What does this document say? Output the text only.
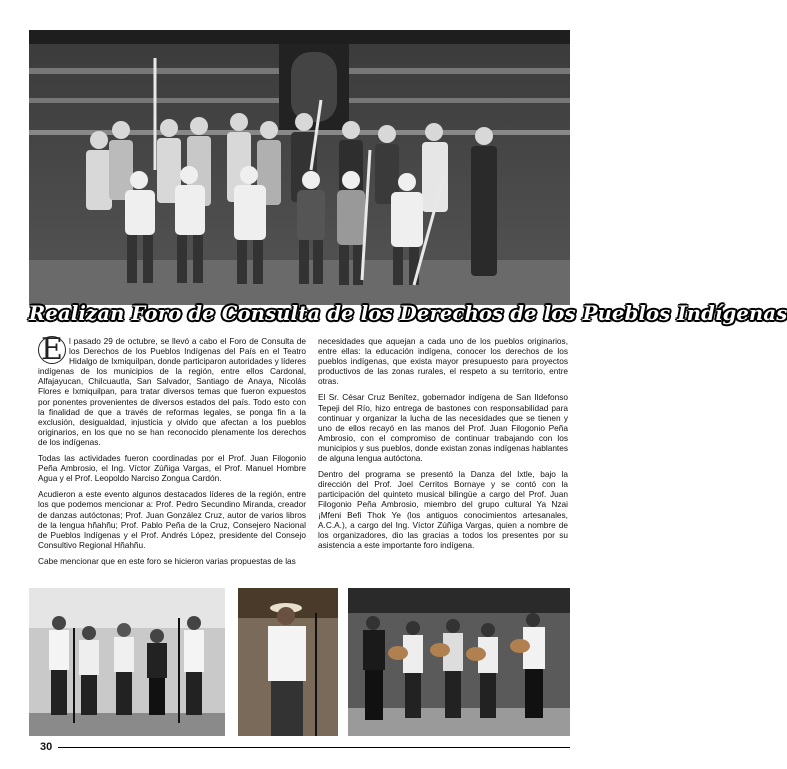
Realizan Foro de Consulta de los Derechos de los Pueblos Indígenas

E l pasado 29 de octubre, se llevó a cabo el Foro de Consulta de los Derechos de los Pueblos Indígenas del País en el Teatro Hidalgo de Ixmiquilpan, donde participaron autoridades y líderes indígenas de los municipios de la región, entre ellos Cardonal, Alfajayucan, Chilcuautla, San Salvador, Santiago de Anaya, Nicolás Flores e Ixmiquilpan, para tratar diversos temas que fueron expuestos por ponentes provenientes de diversos estados del país. Todo esto con la finalidad de que a través de reformas legales, se ponga fin a la exclusión, desigualdad, injusticia y olvido que afectan a los pueblos originarios, en los que no se han reconocido plenamente los derechos de los indígenas.

Todas las actividades fueron coordinadas por el Prof. Juan Filogonio Peña Ambrosio, el Ing. Víctor Zúñiga Vargas, el Prof. Manuel Hombre Agua y el Prof. Leopoldo Narciso Zongua Cardón.

Acudieron a este evento algunos destacados líderes de la región, entre los que podemos mencionar a: Prof. Pedro Secundino Miranda, creador de danzas autóctonas; Prof. Juan González Cruz, autor de varios libros de la lengua hñahñu; Prof. Pablo Peña de la Cruz, Consejero Nacional de Pueblos Indígenas y el Prof. Andrés López, presidente del Consejo Consultivo Regional Hñahñu.

Cabe mencionar que en este foro se hicieron varias propuestas de las

necesidades que aquejan a cada uno de los pueblos originarios, entre ellas: la educación indígena, conocer los derechos de los pueblos indígenas, que exista mayor presupuesto para proyectos productivos de las zonas rurales, el respeto a su territorio, entre otras.

El Sr. César Cruz Benítez, gobernador indígena de San Ildefonso Tepeji del Río, hizo entrega de bastones con responsabilidad para continuar y organizar la lucha de las necesidades que se tienen y uno de ellos recayó en las manos del Prof. Juan Filogonio Peña Ambrosio, con el compromiso de continuar trabajando con los municipios y sus pueblos, donde existan zonas indígenas hablantes de alguna lengua autóctona.

Dentro del programa se presentó la Danza del Ixtle, bajo la dirección del Prof. Joel Cerritos Bornaye y se contó con la participación del quinteto musical bilingüe a cargo del Prof. Juan Filogonio Peña Ambrosio, miembro del grupo cultural Ya Nzai ¡Mfeni Befi Thok Ye (los antiguos conocimientos artesanales, A.C.A.), a cargo del Ing. Víctor Zúñiga Vargas, quien a nombre de los organizadores, dio las gracias a todos los presentes por su asistencia a este importante foro indígena.

30
